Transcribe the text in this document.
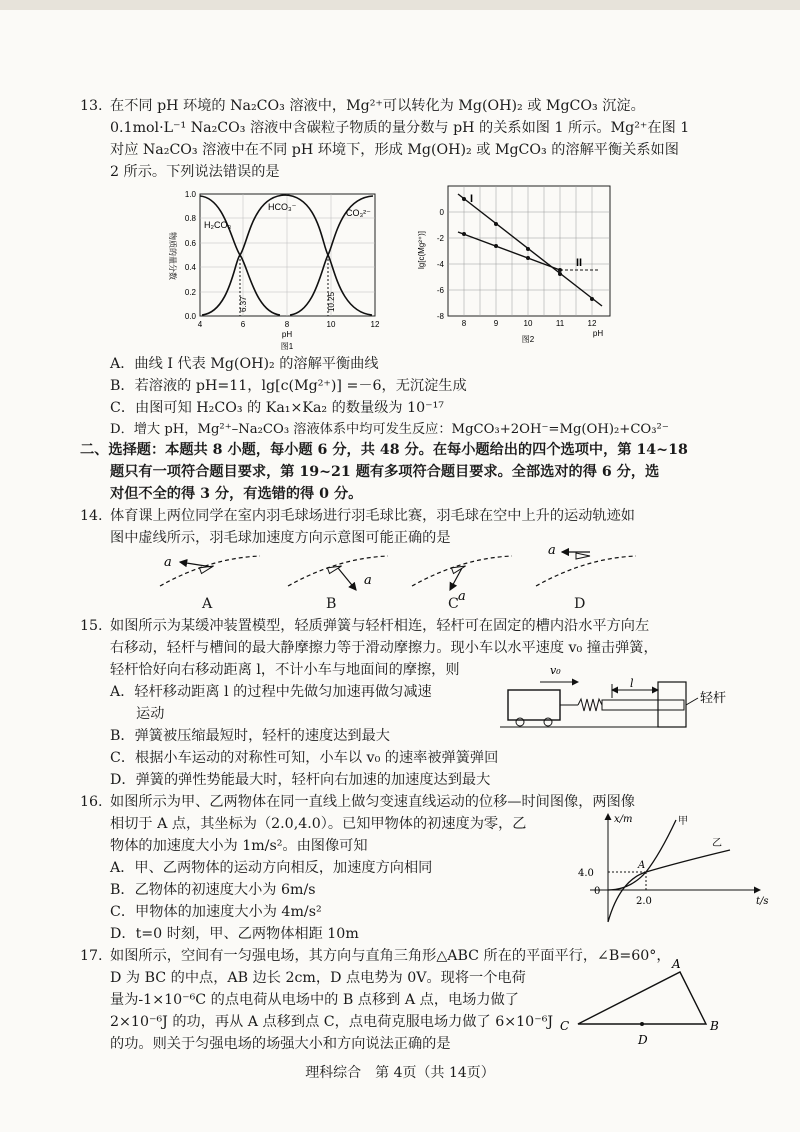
13. 在不同 pH 环境的 Na₂CO₃ 溶液中，Mg²⁺可以转化为 Mg(OH)₂ 或 MgCO₃ 沉淀。
0.1mol·L⁻¹ Na₂CO₃ 溶液中含碳粒子物质的量分数与 pH 的关系如图 1 所示。Mg²⁺在图 1
对应 Na₂CO₃ 溶液中在不同 pH 环境下，形成 Mg(OH)₂ 或 MgCO₃ 的溶解平衡关系如图
2 所示。下列说法错误的是
H₂CO₃
HCO₃⁻
CO₃²⁻
6.37	10.25
1.0
0.8
0.6
0.4
0.2
0.0
4	6	8	10	12
pH
图1
物质的量分数
I
II
0
-2
-4
-6
-8
8	9	10	11	12
pH
图2
lg[c(Mg²⁺)]
A．曲线 I 代表 Mg(OH)₂ 的溶解平衡曲线
B．若溶液的 pH=11，lg[c(Mg²⁺)] =－6，无沉淀生成
C．由图可知 H₂CO₃ 的 Ka₁×Ka₂ 的数量级为 10⁻¹⁷
D．增大 pH，Mg²⁺–Na₂CO₃ 溶液体系中均可发生反应：MgCO₃+2OH⁻=Mg(OH)₂+CO₃²⁻
二、选择题：本题共 8 小题，每小题 6 分，共 48 分。在每小题给出的四个选项中，第 14~18
题只有一项符合题目要求，第 19~21 题有多项符合题目要求。全部选对的得 6 分，选
对但不全的得 3 分，有选错的得 0 分。
14. 体育课上两位同学在室内羽毛球场进行羽毛球比赛，羽毛球在空中上升的运动轨迹如
图中虚线所示，羽毛球加速度方向示意图可能正确的是
a
a
a
a
A	B	C	D
15. 如图所示为某缓冲装置模型，轻质弹簧与轻杆相连，轻杆可在固定的槽内沿水平方向左
右移动，轻杆与槽间的最大静摩擦力等于滑动摩擦力。现小车以水平速度 v₀ 撞击弹簧，
轻杆恰好向右移动距离 l，不计小车与地面间的摩擦，则
A．轻杆移动距离 l 的过程中先做匀加速再做匀减速
运动
B．弹簧被压缩最短时，轻杆的速度达到最大
C．根据小车运动的对称性可知，小车以 v₀ 的速率被弹簧弹回
D．弹簧的弹性势能最大时，轻杆向右加速的加速度达到最大
v₀
l
轻杆
16. 如图所示为甲、乙两物体在同一直线上做匀变速直线运动的位移—时间图像，两图像
相切于 A 点，其坐标为（2.0,4.0）。已知甲物体的初速度为零，乙
物体的加速度大小为 1m/s²。由图像可知
A．甲、乙两物体的运动方向相反，加速度方向相同
B．乙物体的初速度大小为 6m/s
C．甲物体的加速度大小为 4m/s²
D．t=0 时刻，甲、乙两物体相距 10m
x/m
t/s
0
4.0
2.0
A
甲
乙
17. 如图所示，空间有一匀强电场，其方向与直角三角形△ABC 所在的平面平行，∠B=60°，
D 为 BC 的中点，AB 边长 2cm，D 点电势为 0V。现将一个电荷
量为-1×10⁻⁶C 的点电荷从电场中的 B 点移到 A 点，电场力做了
2×10⁻⁶J 的功，再从 A 点移到点 C，点电荷克服电场力做了 6×10⁻⁶J
的功。则关于匀强电场的场强大小和方向说法正确的是
A
B
C
D
理科综合　第 4页（共 14页）
